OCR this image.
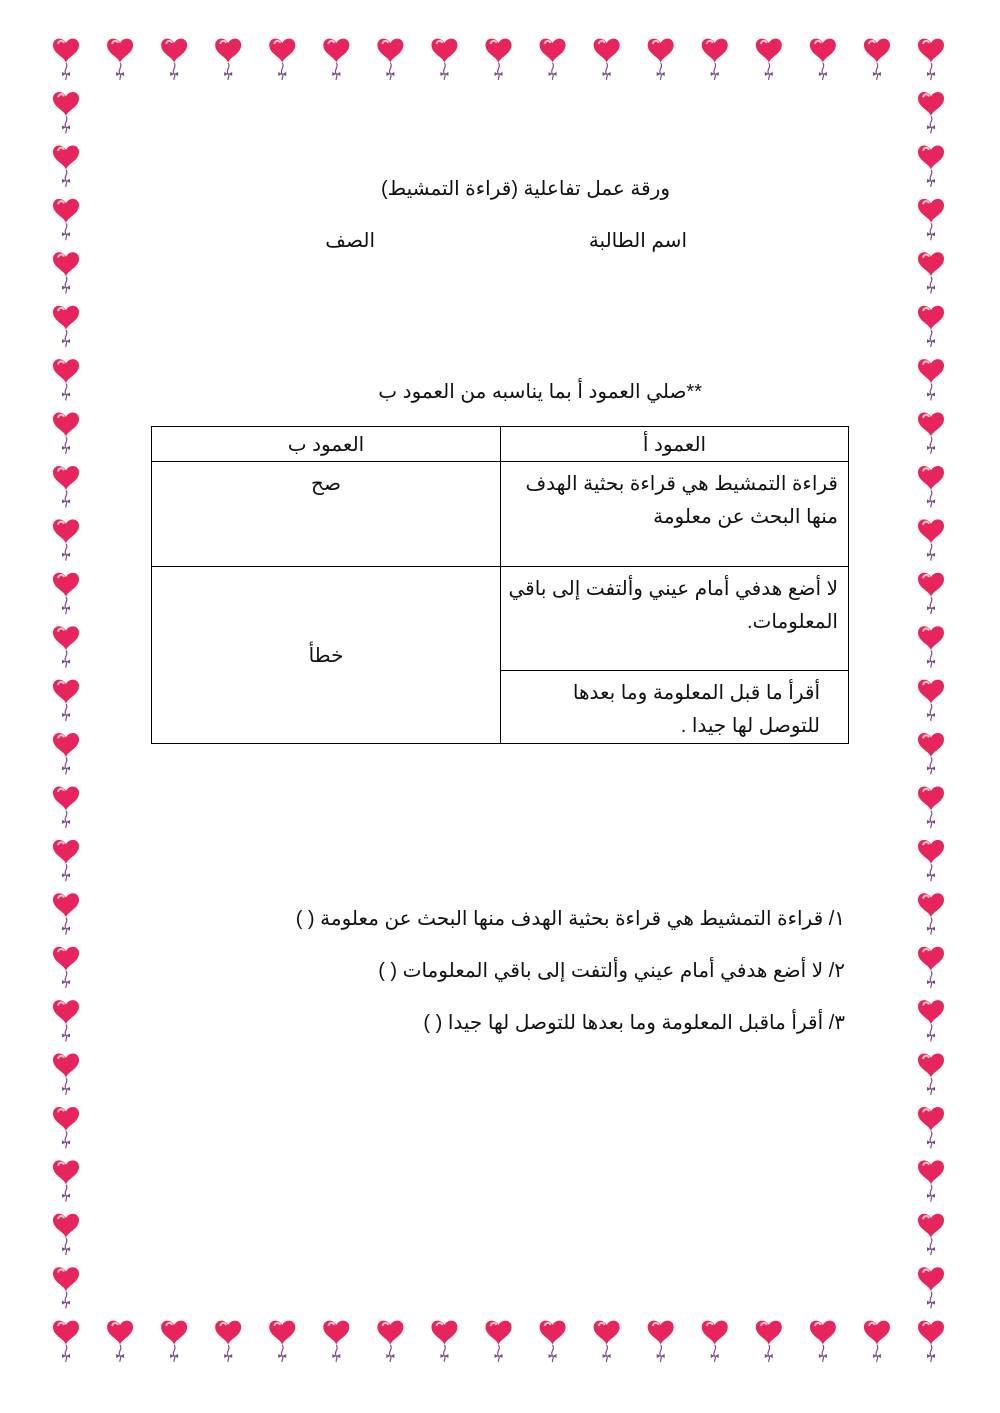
ورقة عمل تفاعلية (قراءة التمشيط)
اسم الطالبة
الصف
**صلي العمود أ بما يناسبه من العمود ب
العمود أ	العمود ب
قراءة التمشيط هي قراءة بحثية الهدف منها البحث عن معلومة	صح
لا أضع هدفي أمام عيني وألتفت إلى باقي المعلومات.	خطأ
أقرأ ما قبل المعلومة وما بعدها للتوصل لها جيدا .	
١/ قراءة التمشيط هي قراءة بحثية الهدف منها البحث عن معلومة ( )
٢/ لا أضع هدفي أمام عيني وألتفت إلى باقي المعلومات ( )
٣/ أقرأ ماقبل المعلومة وما بعدها للتوصل لها جيدا ( )
